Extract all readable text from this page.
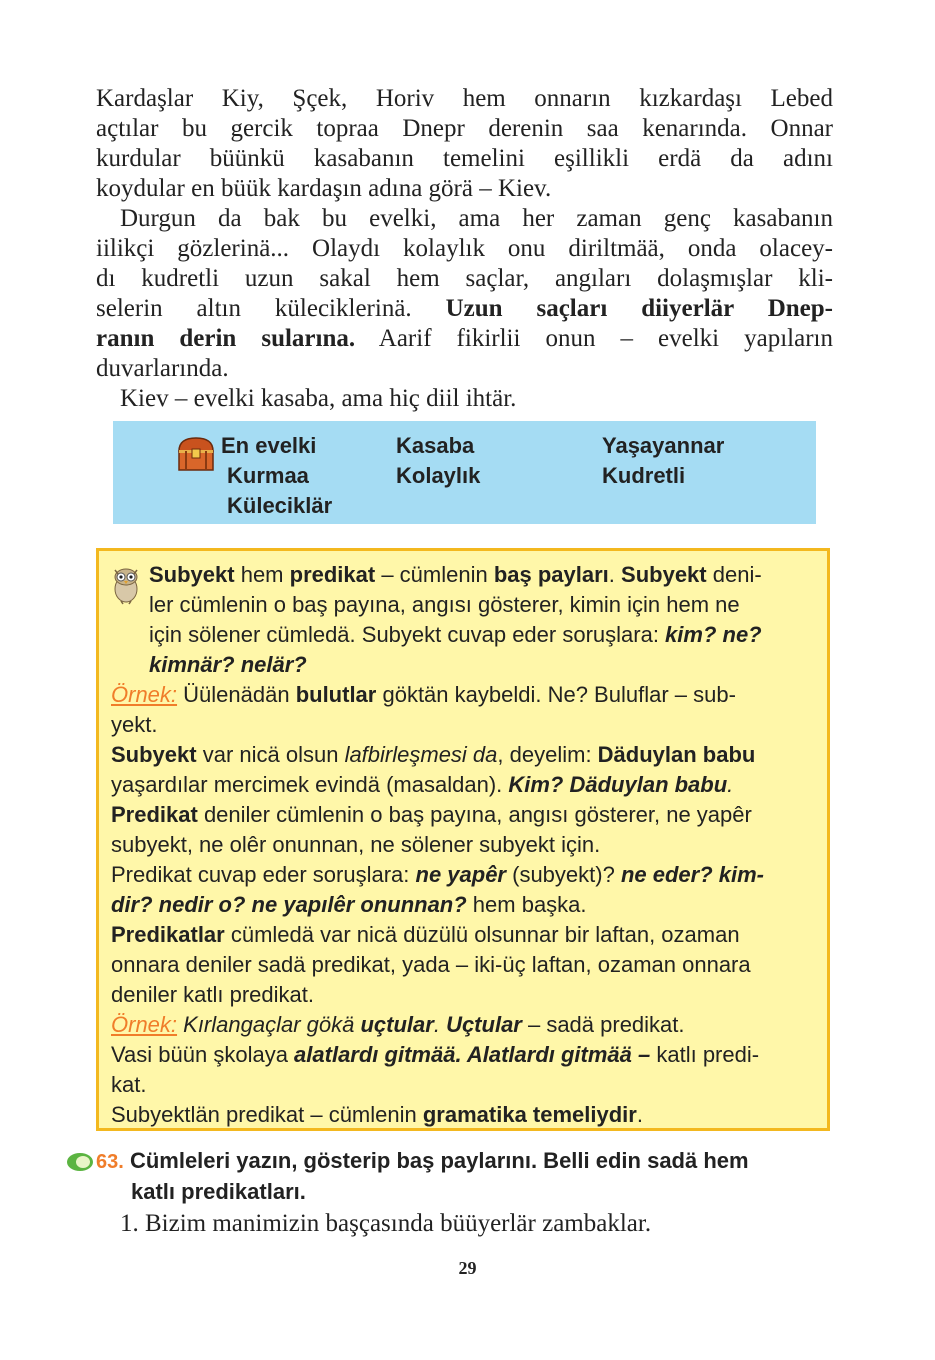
Kardaşlar Kiy, Şçek, Horiv hem onnarın kızkardaşı Lebed
açtılar bu gercik topraa Dnepr derenin saa kenarında. Onnar
kurdular büünkü kasabanın temelini eşillikli erdä da adını
koydular en büük kardaşın adına görä – Kiev.
Durgun da bak bu evelki, ama her zaman genç kasabanın
iilikçi gözlerinä... Olaydı kolaylık onu diriltmää, onda olacey-
dı kudretli uzun sakal hem saçlar, angıları dolaşmışlar kli-
selerin altın küleciklerinä. Uzun saçları diiyerlär Dnep-
ranın derin sularına. Aarif fikirlii onun – evelki yapıların
duvarlarında.
Kiev – evelki kasaba, ama hiç diil ihtär.
En evelki
Kurmaa
Küleciklär
Kasaba
Kolaylık
Yaşayannar
Kudretli
Subyekt hem predikat – cümlenin baş payları. Subyekt deni-
ler cümlenin o baş payına, angısı gösterer, kimin için hem ne
için sölener cümledä. Subyekt cuvap eder soruşlara: kim? ne?
kimnär? nelär?
Örnek: Üülenädän bulutlar göktän kaybeldi. Ne? Buluflar – sub-
yekt.
Subyekt var nicä olsun lafbirleşmesi da, deyelim: Däduylan babu
yaşardılar mercimek evindä (masaldan). Kim? Däduylan babu.
Predikat deniler cümlenin o baş payına, angısı gösterer, ne yapêr
subyekt, ne olêr onunnan, ne sölener subyekt için.
Predikat cuvap eder soruşlara: ne yapêr (subyekt)? ne eder? kim-
dir? nedir o? ne yapılêr onunnan? hem başka.
Predikatlar cümledä var nicä düzülü olsunnar bir laftan, ozaman
onnara deniler sadä predikat, yada – iki-üç laftan, ozaman onnara
deniler katlı predikat.
Örnek: Kırlangaçlar gökä uçtular. Uçtular – sadä predikat.
Vasi büün şkolaya alatlardı gitmää. Alatlardı gitmää – katlı predi-
kat.
Subyektlän predikat – cümlenin gramatika temeliydir.
63. Cümleleri yazın, gösterip baş paylarını. Belli edin sadä hem
katlı predikatları.
1. Bizim manimizin başçasında büüyerlär zambaklar.
29
